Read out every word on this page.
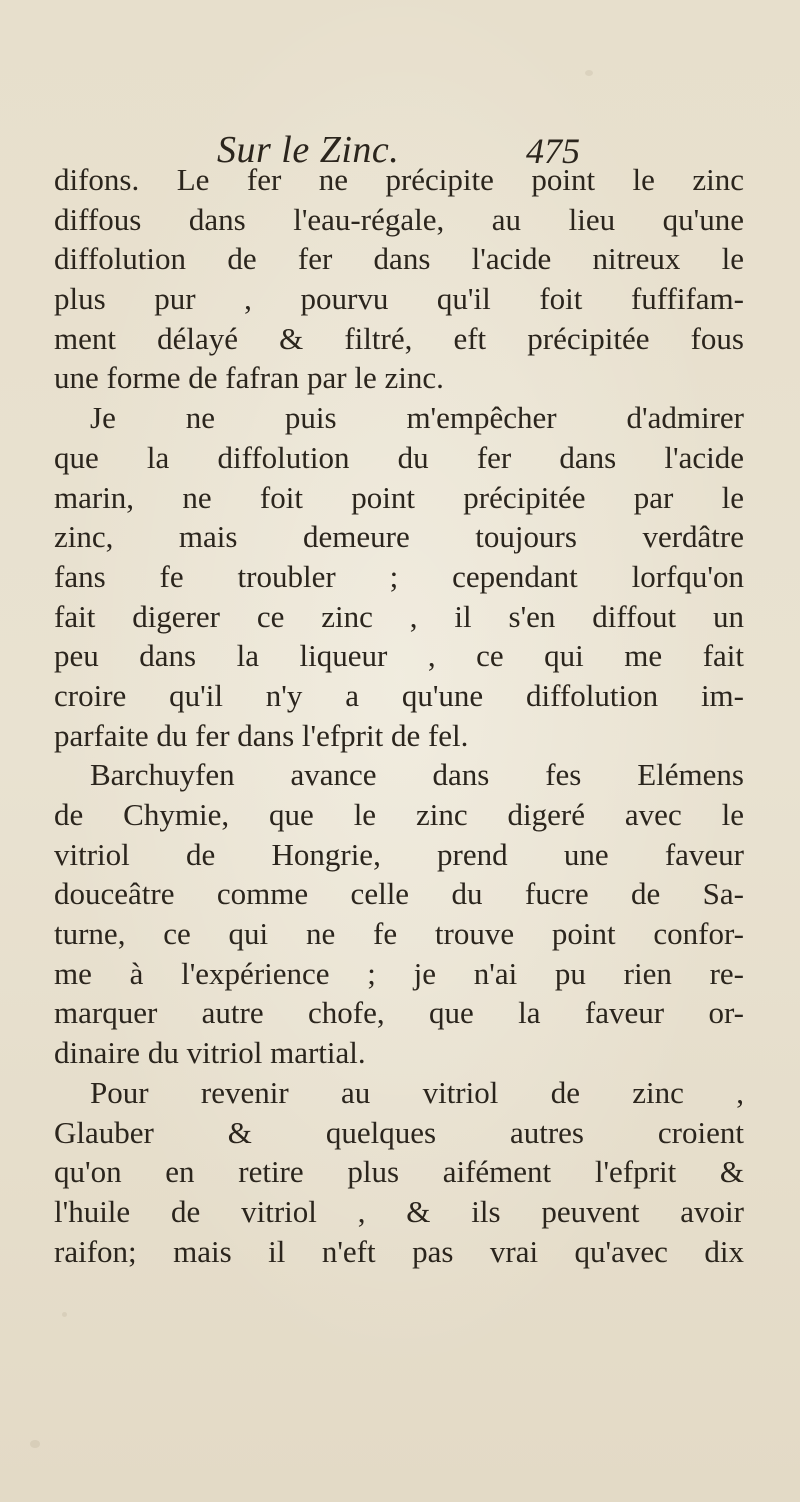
Sur le Zinc.	475
difons. Le fer ne précipite point le zinc
diffous dans l'eau-régale, au lieu qu'une
diffolution de fer dans l'acide nitreux le
plus pur , pourvu qu'il foit fuffifam-
ment délayé & filtré, eft précipitée fous
une forme de fafran par le zinc.
Je ne puis m'empêcher d'admirer
que la diffolution du fer dans l'acide
marin, ne foit point précipitée par le
zinc, mais demeure toujours verdâtre
fans fe troubler ; cependant lorfqu'on
fait digerer ce zinc , il s'en diffout un
peu dans la liqueur , ce qui me fait
croire qu'il n'y a qu'une diffolution im-
parfaite du fer dans l'efprit de fel.
Barchuyfen avance dans fes Elémens
de Chymie, que le zinc digeré avec le
vitriol de Hongrie, prend une faveur
douceâtre comme celle du fucre de Sa-
turne, ce qui ne fe trouve point confor-
me à l'expérience ; je n'ai pu rien re-
marquer autre chofe, que la faveur or-
dinaire du vitriol martial.
Pour revenir au vitriol de zinc ,
Glauber & quelques autres croient
qu'on en retire plus aifément l'efprit &
l'huile de vitriol , & ils peuvent avoir
raifon; mais il n'eft pas vrai qu'avec dix
